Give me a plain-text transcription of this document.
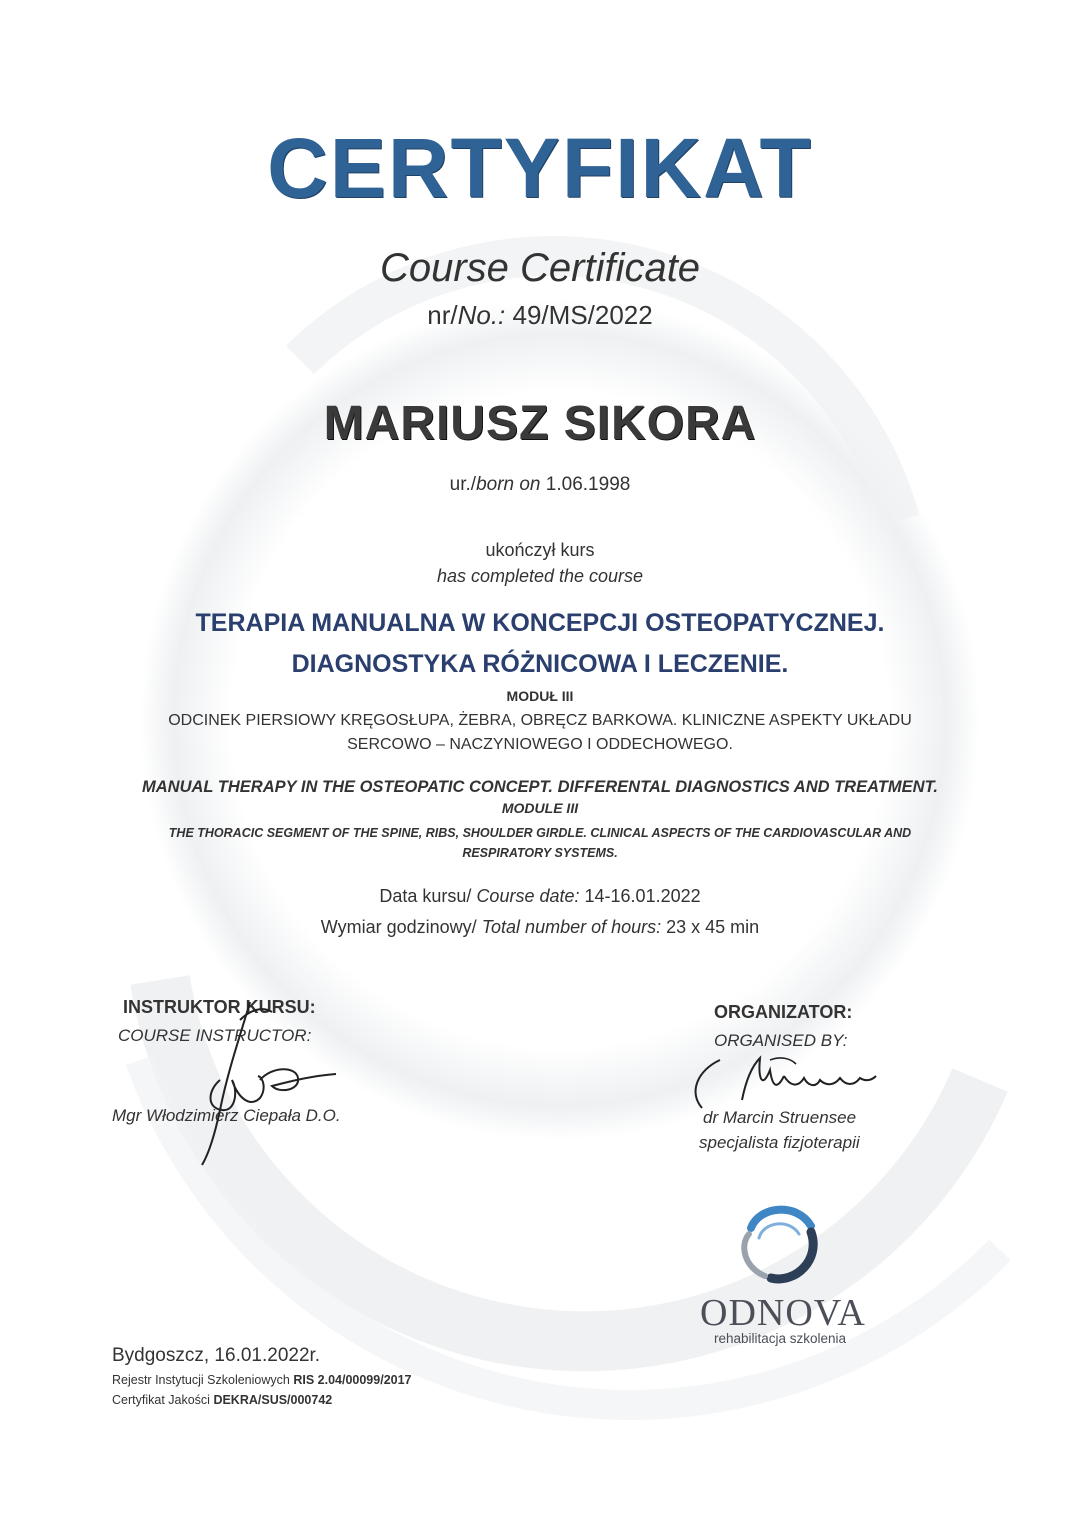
CERTYFIKAT
Course Certificate
nr/No.: 49/MS/2022
MARIUSZ SIKORA
ur./born on 1.06.1998
ukończył kurs
has completed the course
TERAPIA MANUALNA W KONCEPCJI OSTEOPATYCZNEJ.
DIAGNOSTYKA RÓŻNICOWA I LECZENIE.
MODUŁ III
ODCINEK PIERSIOWY KRĘGOSŁUPA, ŻEBRA, OBRĘCZ BARKOWA. KLINICZNE ASPEKTY UKŁADU
SERCOWO – NACZYNIOWEGO I ODDECHOWEGO.
MANUAL THERAPY IN THE OSTEOPATIC CONCEPT. DIFFERENTAL DIAGNOSTICS AND TREATMENT.
MODULE III
THE THORACIC SEGMENT OF THE SPINE, RIBS, SHOULDER GIRDLE. CLINICAL ASPECTS OF THE CARDIOVASCULAR AND
RESPIRATORY SYSTEMS.
Data kursu/ Course date: 14-16.01.2022
Wymiar godzinowy/ Total number of hours: 23 x 45 min
INSTRUKTOR KURSU:
COURSE INSTRUCTOR:
Mgr Włodzimierz Ciepała D.O.
ORGANIZATOR:
ORGANISED BY:
dr Marcin Struensee
specjalista fizjoterapii
ODNOVA
rehabilitacja szkolenia
Bydgoszcz, 16.01.2022r.
Rejestr Instytucji Szkoleniowych RIS 2.04/00099/2017
Certyfikat Jakości DEKRA/SUS/000742
